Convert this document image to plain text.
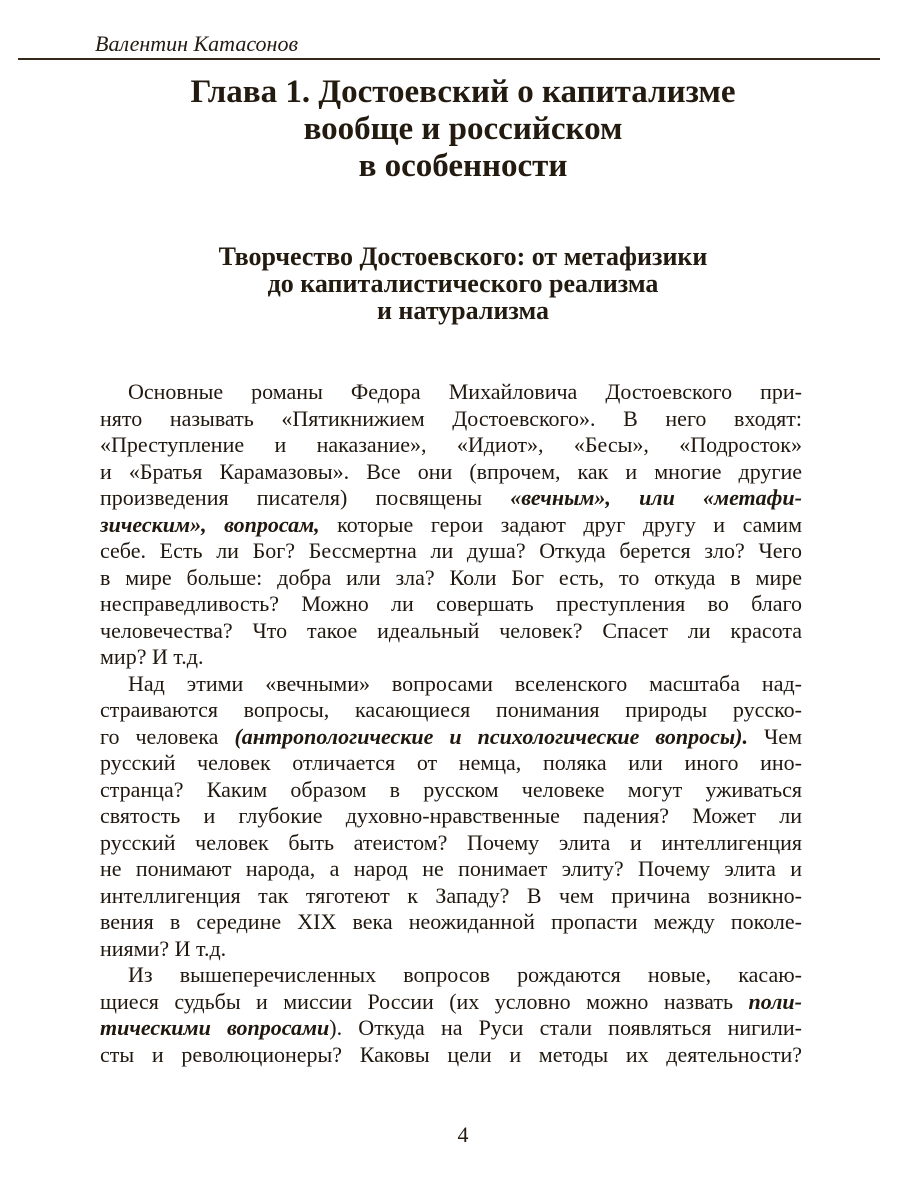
Валентин Катасонов
Глава 1. Достоевский о капитализме
вообще и российском
в особенности
Творчество Достоевского: от метафизики
до капиталистического реализма
и натурализма
Основные романы Федора Михайловича Достоевского при-
нято называть «Пятикнижием Достоевского». В него входят:
«Преступление и наказание», «Идиот», «Бесы», «Подросток»
и «Братья Карамазовы». Все они (впрочем, как и многие другие
произведения писателя) посвящены «вечным», или «метафи-
зическим», вопросам, которые герои задают друг другу и самим
себе. Есть ли Бог? Бессмертна ли душа? Откуда берется зло? Чего
в мире больше: добра или зла? Коли Бог есть, то откуда в мире
несправедливость? Можно ли совершать преступления во благо
человечества? Что такое идеальный человек? Спасет ли красота
мир? И т.д.
Над этими «вечными» вопросами вселенского масштаба над-
страиваются вопросы, касающиеся понимания природы русско-
го человека (антропологические и психологические вопросы). Чем
русский человек отличается от немца, поляка или иного ино-
странца? Каким образом в русском человеке могут уживаться
святость и глубокие духовно-нравственные падения? Может ли
русский человек быть атеистом? Почему элита и интеллигенция
не понимают народа, а народ не понимает элиту? Почему элита и
интеллигенция так тяготеют к Западу? В чем причина возникно-
вения в середине XIX века неожиданной пропасти между поколе-
ниями? И т.д.
Из вышеперечисленных вопросов рождаются новые, касаю-
щиеся судьбы и миссии России (их условно можно назвать поли-
тическими вопросами). Откуда на Руси стали появляться нигили-
сты и революционеры? Каковы цели и методы их деятельности?
4
